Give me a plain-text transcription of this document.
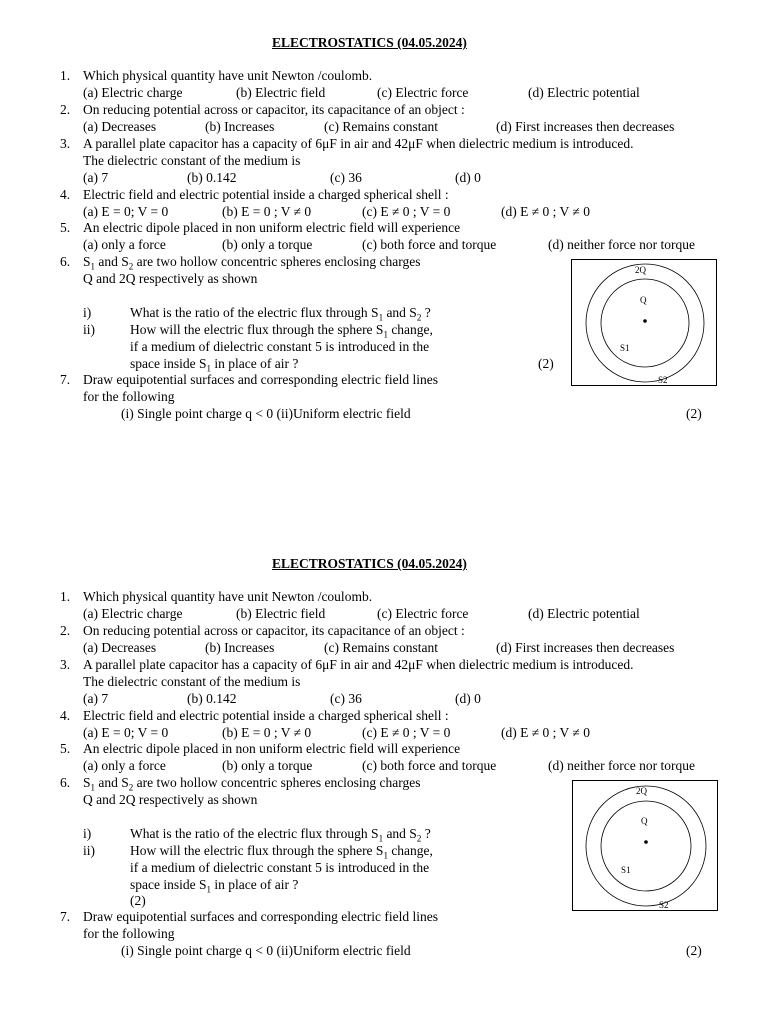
ELECTROSTATICS (04.05.2024)
1. Which physical quantity have unit Newton /coulomb.
(a) Electric charge	(b) Electric field	(c) Electric force	(d) Electric potential
2. On reducing potential across or capacitor, its capacitance of an object :
(a) Decreases	(b) Increases	(c) Remains constant	(d) First increases then decreases
3. A parallel plate capacitor has a capacity of 6μF in air and 42μF when dielectric medium is introduced.
The dielectric constant of the medium is
(a) 7	(b) 0.142	(c) 36	(d) 0
4. Electric field and electric potential inside a charged spherical shell :
(a) E = 0; V = 0	(b) E = 0 ; V ≠ 0	(c) E ≠ 0 ; V = 0	(d) E ≠ 0 ; V ≠ 0
5. An electric dipole placed in non uniform electric field will experience
(a) only a force	(b) only a torque	(c) both force and torque	(d) neither force nor torque
6. $S_1$ and $S_2$ are two hollow concentric spheres enclosing charges
Q and 2Q respectively as shown
i)	What is the ratio of the electric flux through $S_1$ and $S_2$ ?
ii)	How will the electric flux through the sphere $S_1$ change,
if a medium of dielectric constant 5 is introduced in the
space inside $S_1$ in place of air ?	(2)
7. Draw equipotential surfaces and corresponding electric field lines
for the following
(i) Single point charge q < 0 (ii)Uniform electric field	(2)
2Q
Q
S1
S2
ELECTROSTATICS (04.05.2024)
1. Which physical quantity have unit Newton /coulomb.
(a) Electric charge	(b) Electric field	(c) Electric force	(d) Electric potential
2. On reducing potential across or capacitor, its capacitance of an object :
(a) Decreases	(b) Increases	(c) Remains constant	(d) First increases then decreases
3. A parallel plate capacitor has a capacity of 6μF in air and 42μF when dielectric medium is introduced.
The dielectric constant of the medium is
(a) 7	(b) 0.142	(c) 36	(d) 0
4. Electric field and electric potential inside a charged spherical shell :
(a) E = 0; V = 0	(b) E = 0 ; V ≠ 0	(c) E ≠ 0 ; V = 0	(d) E ≠ 0 ; V ≠ 0
5. An electric dipole placed in non uniform electric field will experience
(a) only a force	(b) only a torque	(c) both force and torque	(d) neither force nor torque
6. $S_1$ and $S_2$ are two hollow concentric spheres enclosing charges
Q and 2Q respectively as shown
i)	What is the ratio of the electric flux through $S_1$ and $S_2$ ?
ii)	How will the electric flux through the sphere $S_1$ change,
if a medium of dielectric constant 5 is introduced in the
space inside $S_1$ in place of air ?
(2)
7. Draw equipotential surfaces and corresponding electric field lines
for the following
(i) Single point charge q < 0 (ii)Uniform electric field	(2)
2Q
Q
S1
S2
